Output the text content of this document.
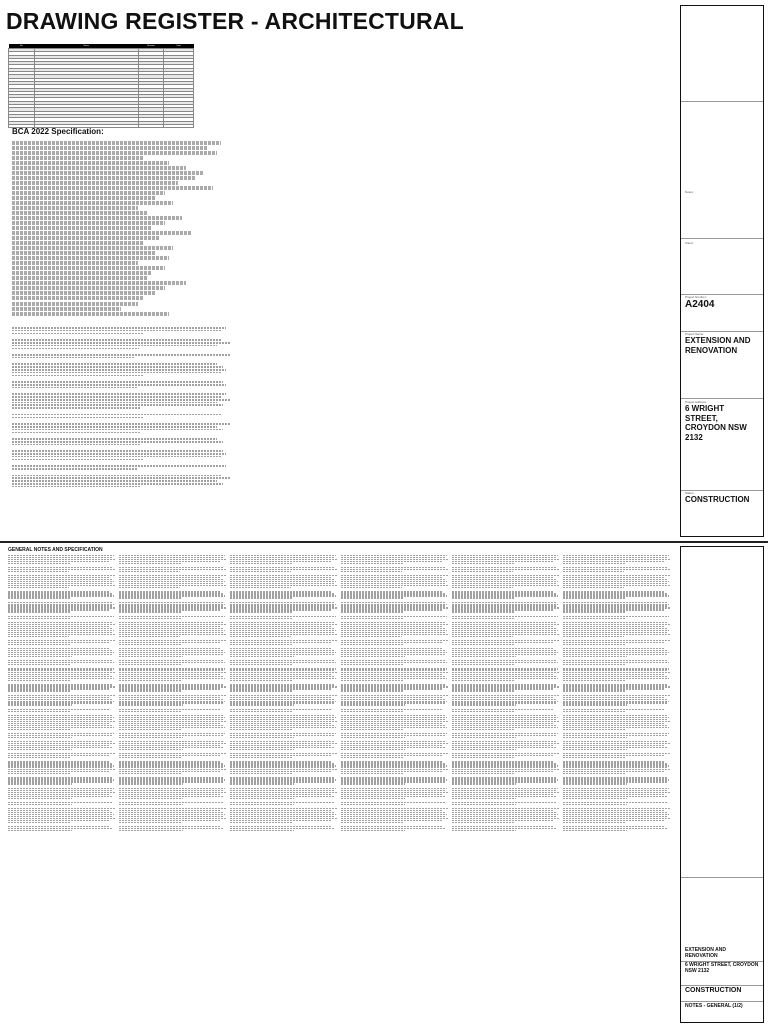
DRAWING REGISTER - ARCHITECTURAL
No.	Name	Revision	Date

BCA 2022 Specification:
Notes:
Client:
Project Number:
A2404
Project Name:
EXTENSION AND RENOVATION
Project Address:
6 WRIGHT STREET, CROYDON NSW 2132
Status:
CONSTRUCTION
GENERAL NOTES AND SPECIFICATION
EXTENSION AND RENOVATION
6 WRIGHT STREET, CROYDON NSW 2132
CONSTRUCTION
NOTES - GENERAL (1/2)
